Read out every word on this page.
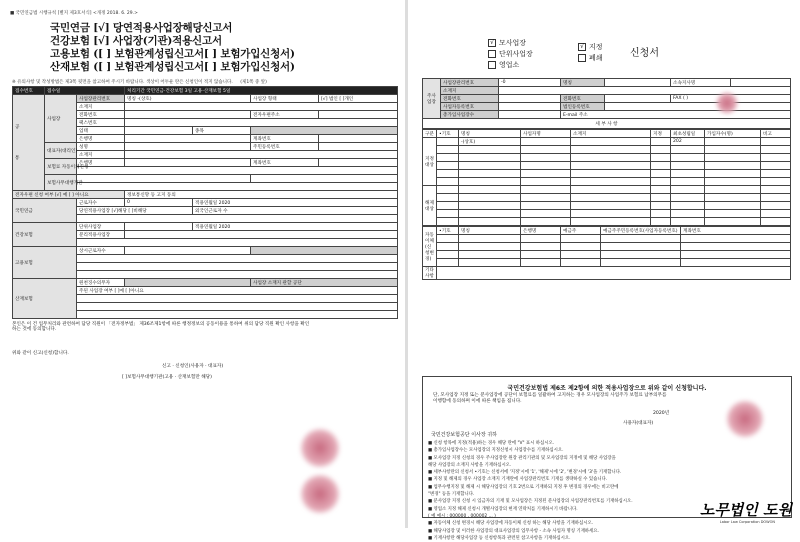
■ 국민연금법 시행규칙 [별지 제3호서식] <개정 2018. 6. 29.>
국민연금 [√] 당연적용사업장해당신고서
건강보험 [√] 사업장(기관)적용신고서
고용보험 ([ ] 보험관계성립신고서[ ] 보험가입신청서)
산재보험 ([ ] 보험관계성립신고서[ ] 보험가입신청서)
※ 유의사항 및 작성방법은 제3쪽 뒷면을 참고하여 주시기 바랍니다. 색상이 어두운 란은 신청인이 적지 않습니다. (제1쪽 중 앞)
접수번호	접수일		처리기간 국민연금·건강보험 3일 고용·산재보험 5일			
공

통	사업장	사업장관리번호	명칭 -(상호)		사업장 형태	[√] 법인 [ ]개인
		소재지				
		전화번호			전자우편주소	
		팩스번호				
		업태		종목		
		은행명			계좌번호	
	대표자(대리인)	성명			주민등록번호	
		소재지				
	보험료 자동이체신청	은행명			계좌번호	

	보험사무대행기관					

전자우편 신청 여부 [√] 예 [ ] 아니요			정보통신망 등 고지 동의			
국민연금		근로자수	0	적용연월일 2020		
		당연적용사업장 [√]해당 [ ]비해당		외국인근로자 수		

건강보험		단위사업장		적용연월일 2020		
		분리적용사업장				

고용보험		상시근로자수				

산재보험		원천징수의무자			사업장 소재지 관할 공단	
		주된 사업장 여부 [ ]예 [ ]아니요				

본인은 이 건 업무처리와 관련하여 담당 직원이 「전자정부법」 제36조제1항에 따른 행정정보의 공동이용을 통하여 위의 담당 직원 확인 사항을 확인하는 것에 동의합니다.
위와 같이 신고(신청)합니다.
신고 · 신청인(사용자 · 대표자)
[ ]보험사무대행기관(고용 · 산재보험만 해당)
√ 모사업장
단위사업장
영업소
√ 지정
폐쇄	신청서
주사업장	사업장관리번호	-0	명칭		소속지사명	
	소재지					
	전화번호		전화번호		FAX ( )	
	사업자등록번호		법인등록번호			
	총가입사업장수		E-mail 주소			
세 부 사 항						
구분	•기호	명칭	사업자명	소재지	지정	최초성립일	가입자수(명)	비고
지정대상		-(상호)				202		

해제대상								

자동이체(신청변경)	•기호	명칭	은행명	예금주	예금주주민등록번호(사업자등록번호)	계좌번호

기타사항						
국민건강보험법 제6조 제2항에 의한 적용사업장으로 위와 같이 신청합니다.
단, 모사업장 지정 또는 분사업장에 공단이 보험료를 일괄하여 고지하는 경우 모사업장의 사업주가 보험료 납부의무를
이행함에 동의하며 이에 따른 책임을 집니다.
2020년
사용자(대표자)
국민건강보험공단 이사장 귀하
■ 신청 항목에 지정(적용)하는 경우 해당 란에 "V" 표시 하십시오.
■ 총가입사업장수는 모사업장의 지정신청시 사업장수를 기재하십시오.
■ 모사업장 지정 신청의 경우 주사업장란 원장 관리기관의 및 모사업장의 지정에 및 해당 사업장을
해당 사업장의 소재지 사항을 기재하십시오.
■ 세부사항란의 신청서 •기호는 신청서에 '지정'시에 '1', '해제'시에 '2', '변경'시에 '3'을 기재합니다.
■ 지정 및 해제의 경우 사업장 소재지 기재란에 사업장관리번호 기재를 생략하실 수 있습니다.
■ 업무수행지정 및 해제 시 해당사업장의 기호 2번으로 기재하되 지정 후 변경의 경우에는 비고란에
"변경" 등을 기재합니다.
■ 분사업장 지정 신청 시 입금자의 기재 및 모사업장은 지정된 분사업장의 사업장관리번호를 기재하십시오.
■ 영업소 지정 해제 신청시 개별사업장의 현재 연락처를 기재하시기 바랍니다.
( 예 예시 : 000000 , 000002 ... )
■ 자동이체 신청 변경시 해당 사업장에 자동이체 신청 하는 해당 사항을 기재하십시오.
■ 해당사업장 및 이러한 사업장의 대표사업장의 업무사항 - 소속 사업자 명칭 기재하세요.
■ 기재사항란 해당사업장 등 신청항목과 관련된 참고사항을 기재하십시오.
노무법인 도원
Labor Law Corporation DOWON
